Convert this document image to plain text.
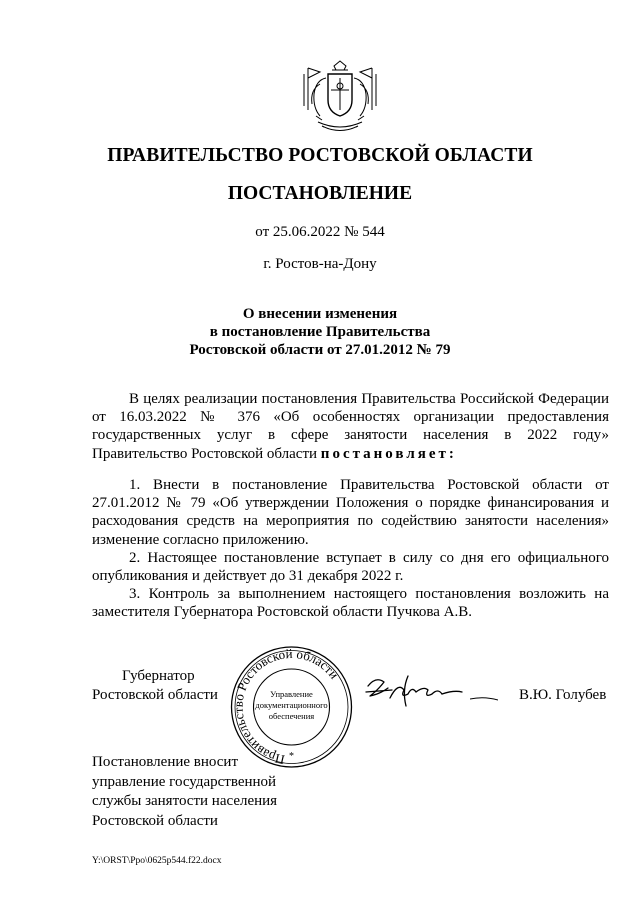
ПРАВИТЕЛЬСТВО РОСТОВСКОЙ ОБЛАСТИ
ПОСТАНОВЛЕНИЕ
от 25.06.2022 № 544
г. Ростов-на-Дону
О внесении изменения
в постановление Правительства
Ростовской области от 27.01.2012 № 79

В целях реализации постановления Правительства Российской Федерации от 16.03.2022 № 376 «Об особенностях организации предоставления государственных услуг в сфере занятости населения в 2022 году» Правительство Ростовской области постановляет:

1. Внести в постановление Правительства Ростовской области от 27.01.2012 № 79 «Об утверждении Положения о порядке финансирования и расходования средств на мероприятия по содействию занятости населения» изменение согласно приложению.

2. Настоящее постановление вступает в силу со дня его официального опубликования и действует до 31 декабря 2022 г.

3. Контроль за выполнением настоящего постановления возложить на заместителя Губернатора Ростовской области Пучкова А.В.

Губернатор
Ростовской области
Правительство Ростовской области
Управление
документационного
обеспечения
*
В.Ю. Голубев
Постановление вносит
управление государственной
службы занятости населения
Ростовской области
Y:\ORST\Ppo\0625p544.f22.docx
